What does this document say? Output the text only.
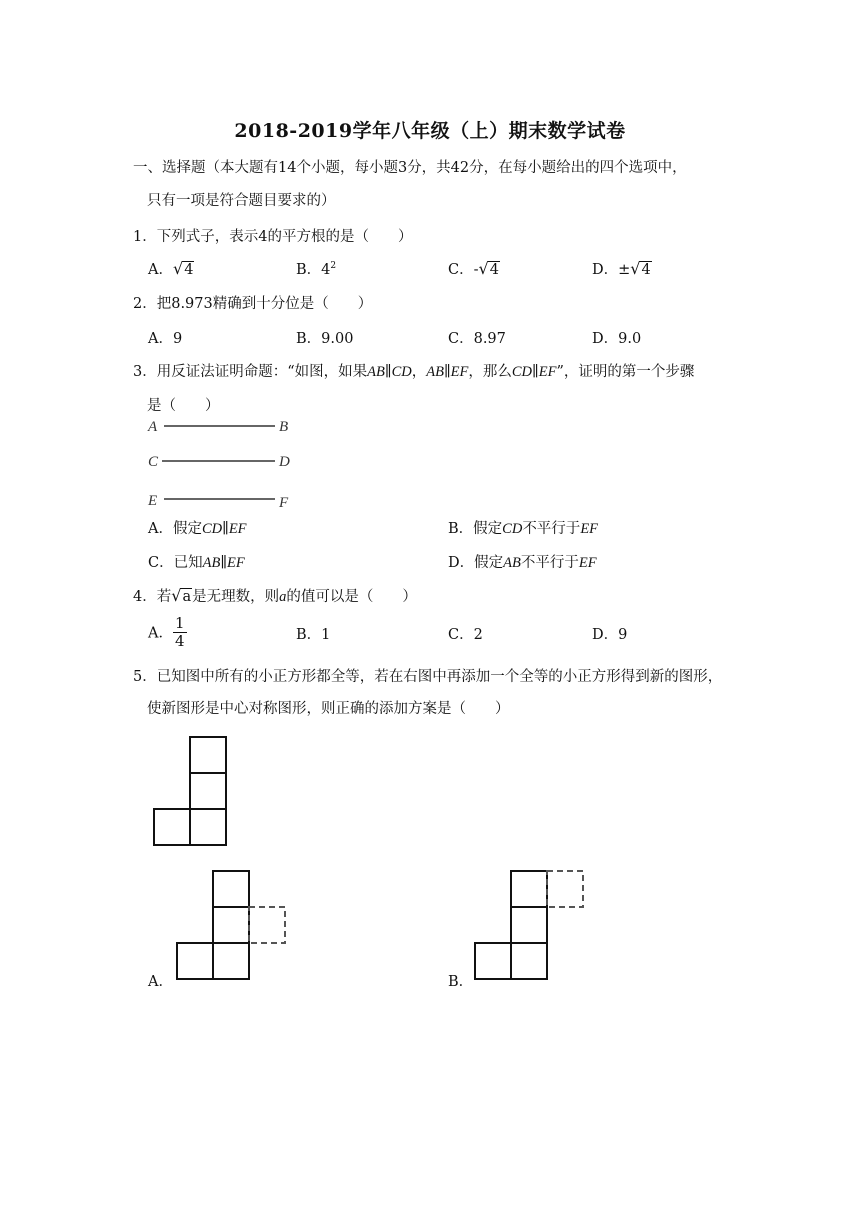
2018-2019学年八年级（上）期末数学试卷
一、选择题（本大题有14个小题，每小题3分，共42分，在每小题给出的四个选项中，
只有一项是符合题目要求的）
1．下列式子，表示4的平方根的是（　　）
A．√4	B．$4^2$	C．-√4	D．±√4
2．把8.973精确到十分位是（　　）
A．9	B．9.00	C．8.97	D．9.0
3．用反证法证明命题：“如图，如果AB∥CD，AB∥EF，那么CD∥EF”，证明的第一个步骤
是（　　）
A	B
C	D
E	F
A．假定CD∥EF	B．假定CD不平行于EF
C．已知AB∥EF	D．假定AB不平行于EF
4．若√a是无理数，则a的值可以是（　　）
A． $\frac{1}{4}$	B．1	C．2	D．9
5．已知图中所有的小正方形都全等，若在右图中再添加一个全等的小正方形得到新的图形，
使新图形是中心对称图形，则正确的添加方案是（　　）
A．	B．
